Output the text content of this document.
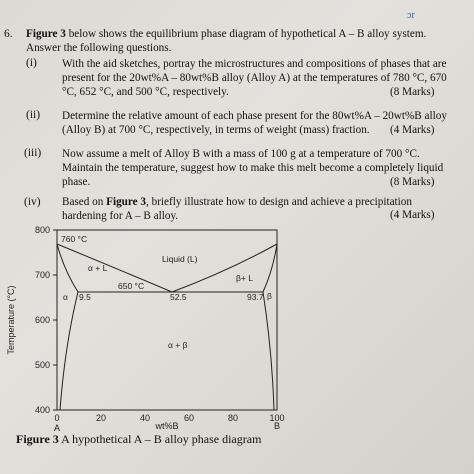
ɔr
6. Figure 3 below shows the equilibrium phase diagram of hypothetical A – B alloy system.
Answer the following questions.
(i) With the aid sketches, portray the microstructures and compositions of phases that are
present for the 20wt%A – 80wt%B alloy (Alloy A) at the temperatures of 780 °C, 670
°C, 652 °C, and 500 °C, respectively.	(8 Marks)
(ii) Determine the relative amount of each phase present for the 80wt%A – 20wt%B alloy
(Alloy B) at 700 °C, respectively, in terms of weight (mass) fraction. (4 Marks)
(iii) Now assume a melt of Alloy B with a mass of 100 g at a temperature of 700 °C.
Maintain the temperature, suggest how to make this melt become a completely liquid
phase.	(8 Marks)
(iv) Based on Figure 3, briefly illustrate how to design and achieve a precipitation
hardening for A – B alloy.	(4 Marks)
800
700
600
500
400
Temperature (°C)
0	20	40	60	80	100
A	B
wt%B
760 °C
Liquid (L)
α + L
β+ L
650 °C
α 9.5	52.5	93.7 β
α + β
Figure 3 A hypothetical A – B alloy phase diagram
